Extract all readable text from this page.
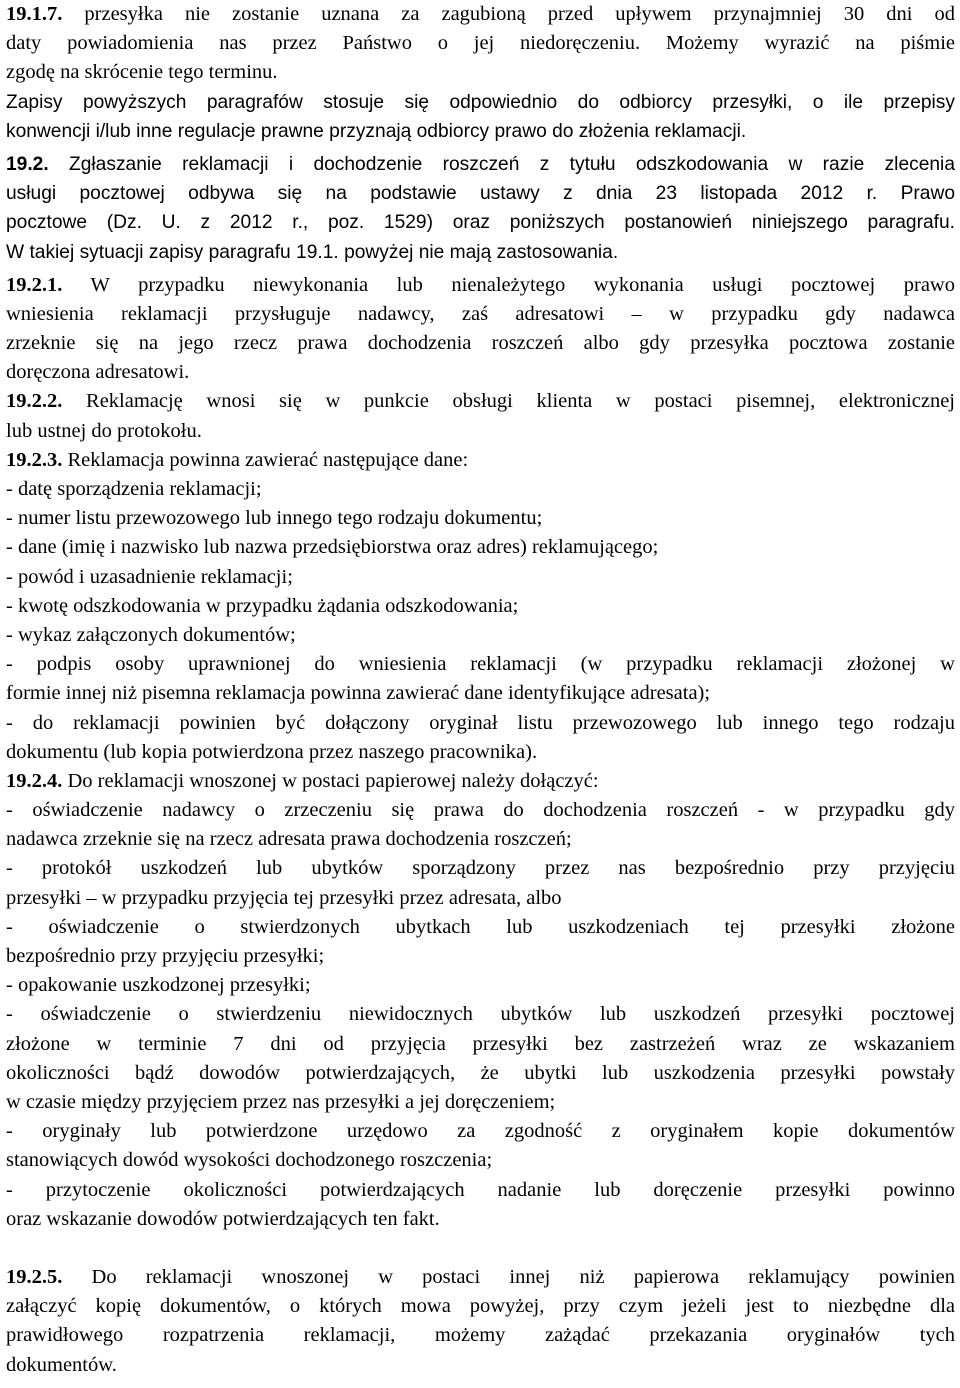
19.1.7. przesyłka nie zostanie uznana za zagubioną przed upływem przynajmniej 30 dni od
daty powiadomienia nas przez Państwo o jej niedoręczeniu. Możemy wyrazić na piśmie
zgodę na skrócenie tego terminu.
Zapisy powyższych paragrafów stosuje się odpowiednio do odbiorcy przesyłki, o ile przepisy
konwencji i/lub inne regulacje prawne przyznają odbiorcy prawo do złożenia reklamacji.
19.2. Zgłaszanie reklamacji i dochodzenie roszczeń z tytułu odszkodowania w razie zlecenia
usługi pocztowej odbywa się na podstawie ustawy z dnia 23 listopada 2012 r. Prawo
pocztowe (Dz. U. z 2012 r., poz. 1529) oraz poniższych postanowień niniejszego paragrafu.
W takiej sytuacji zapisy paragrafu 19.1. powyżej nie mają zastosowania.
19.2.1. W przypadku niewykonania lub nienależytego wykonania usługi pocztowej prawo
wniesienia reklamacji przysługuje nadawcy, zaś adresatowi – w przypadku gdy nadawca
zrzeknie się na jego rzecz prawa dochodzenia roszczeń albo gdy przesyłka pocztowa zostanie
doręczona adresatowi.
19.2.2. Reklamację wnosi się w punkcie obsługi klienta w postaci pisemnej, elektronicznej
lub ustnej do protokołu.
19.2.3. Reklamacja powinna zawierać następujące dane:
- datę sporządzenia reklamacji;
- numer listu przewozowego lub innego tego rodzaju dokumentu;
- dane (imię i nazwisko lub nazwa przedsiębiorstwa oraz adres) reklamującego;
- powód i uzasadnienie reklamacji;
- kwotę odszkodowania w przypadku żądania odszkodowania;
- wykaz załączonych dokumentów;
- podpis osoby uprawnionej do wniesienia reklamacji (w przypadku reklamacji złożonej w
formie innej niż pisemna reklamacja powinna zawierać dane identyfikujące adresata);
- do reklamacji powinien być dołączony oryginał listu przewozowego lub innego tego rodzaju
dokumentu (lub kopia potwierdzona przez naszego pracownika).
19.2.4. Do reklamacji wnoszonej w postaci papierowej należy dołączyć:
- oświadczenie nadawcy o zrzeczeniu się prawa do dochodzenia roszczeń - w przypadku gdy
nadawca zrzeknie się na rzecz adresata prawa dochodzenia roszczeń;
- protokół uszkodzeń lub ubytków sporządzony przez nas bezpośrednio przy przyjęciu
przesyłki – w przypadku przyjęcia tej przesyłki przez adresata, albo
- oświadczenie o stwierdzonych ubytkach lub uszkodzeniach tej przesyłki złożone
bezpośrednio przy przyjęciu przesyłki;
- opakowanie uszkodzonej przesyłki;
- oświadczenie o stwierdzeniu niewidocznych ubytków lub uszkodzeń przesyłki pocztowej
złożone w terminie 7 dni od przyjęcia przesyłki bez zastrzeżeń wraz ze wskazaniem
okoliczności bądź dowodów potwierdzających, że ubytki lub uszkodzenia przesyłki powstały
w czasie między przyjęciem przez nas przesyłki a jej doręczeniem;
- oryginały lub potwierdzone urzędowo za zgodność z oryginałem kopie dokumentów
stanowiących dowód wysokości dochodzonego roszczenia;
- przytoczenie okoliczności potwierdzających nadanie lub doręczenie przesyłki powinno
oraz wskazanie dowodów potwierdzających ten fakt.
19.2.5. Do reklamacji wnoszonej w postaci innej niż papierowa reklamujący powinien
załączyć kopię dokumentów, o których mowa powyżej, przy czym jeżeli jest to niezbędne dla
prawidłowego rozpatrzenia reklamacji, możemy zażądać przekazania oryginałów tych
dokumentów.
